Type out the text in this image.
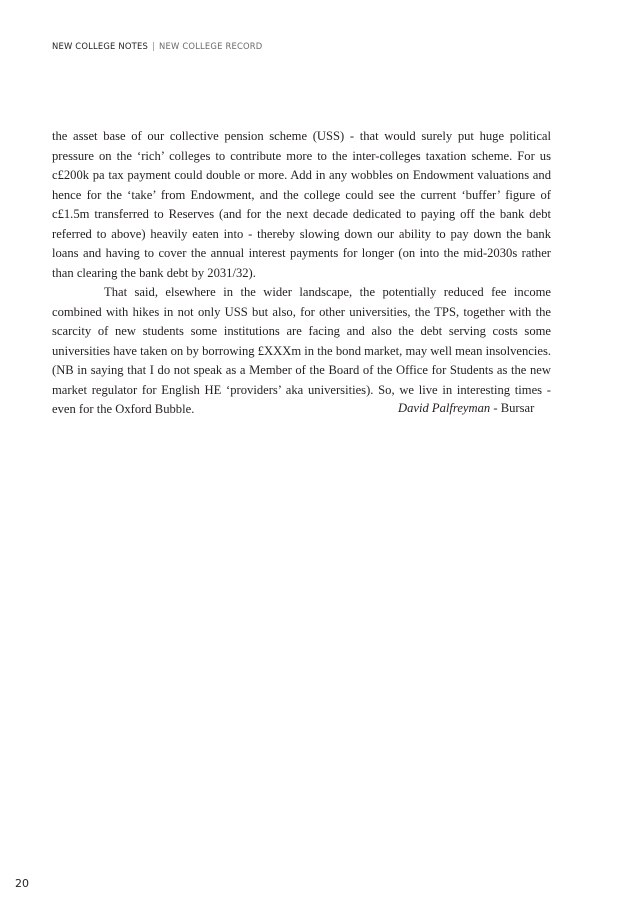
NEW COLLEGE NOTES | NEW COLLEGE RECORD

the asset base of our collective pension scheme (USS) - that would surely put huge political pressure on the ‘rich’ colleges to contribute more to the inter-colleges taxation scheme. For us c£200k pa tax payment could double or more. Add in any wobbles on Endowment valuations and hence for the ‘take’ from Endowment, and the college could see the current ‘buffer’ figure of c£1.5m transferred to Reserves (and for the next decade dedicated to paying off the bank debt referred to above) heavily eaten into - thereby slowing down our ability to pay down the bank loans and having to cover the annual interest payments for longer (on into the mid-2030s rather than clearing the bank debt by 2031/32).

That said, elsewhere in the wider landscape, the potentially reduced fee income combined with hikes in not only USS but also, for other universities, the TPS, together with the scarcity of new students some institutions are facing and also the debt serving costs some universities have taken on by borrowing £XXXm in the bond market, may well mean insolvencies. (NB in saying that I do not speak as a Member of the Board of the Office for Students as the new market regulator for English HE ‘providers’ aka universities). So, we live in interesting times - even for the Oxford Bubble.	David Palfreyman - Bursar
20
